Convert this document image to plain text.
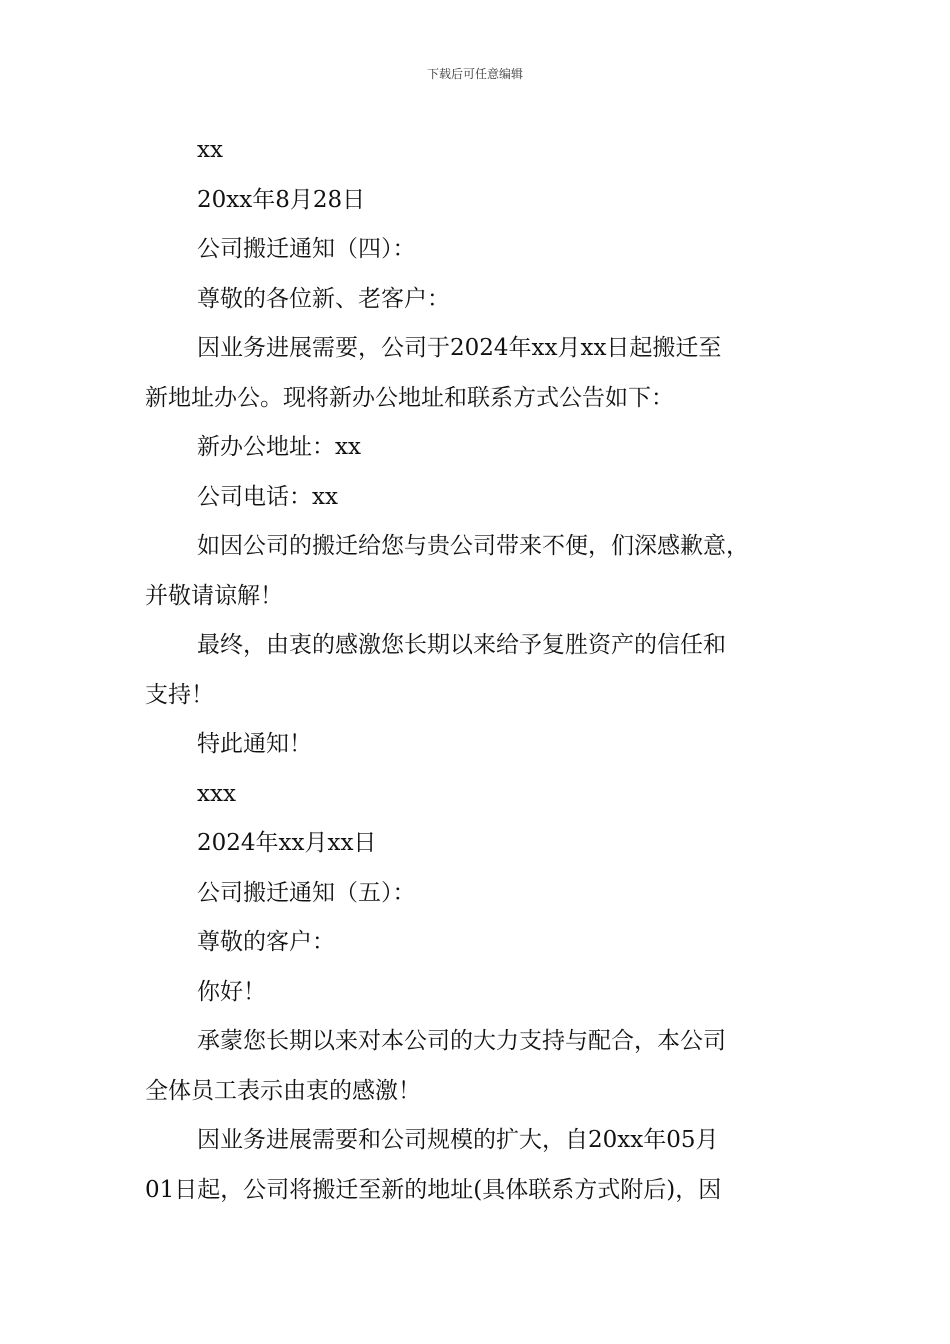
下载后可任意编辑
xx
20xx年8月28日
公司搬迁通知（四）：
尊敬的各位新、老客户：
因业务进展需要，公司于2024年xx月xx日起搬迁至
新地址办公。现将新办公地址和联系方式公告如下：
新办公地址：xx
公司电话：xx
如因公司的搬迁给您与贵公司带来不便，们深感歉意，
并敬请谅解！
最终，由衷的感激您长期以来给予复胜资产的信任和
支持！
特此通知！
xxx
2024年xx月xx日
公司搬迁通知（五）：
尊敬的客户：
你好！
承蒙您长期以来对本公司的大力支持与配合，本公司
全体员工表示由衷的感激！
因业务进展需要和公司规模的扩大，自20xx年05月
01日起，公司将搬迁至新的地址(具体联系方式附后)，因
